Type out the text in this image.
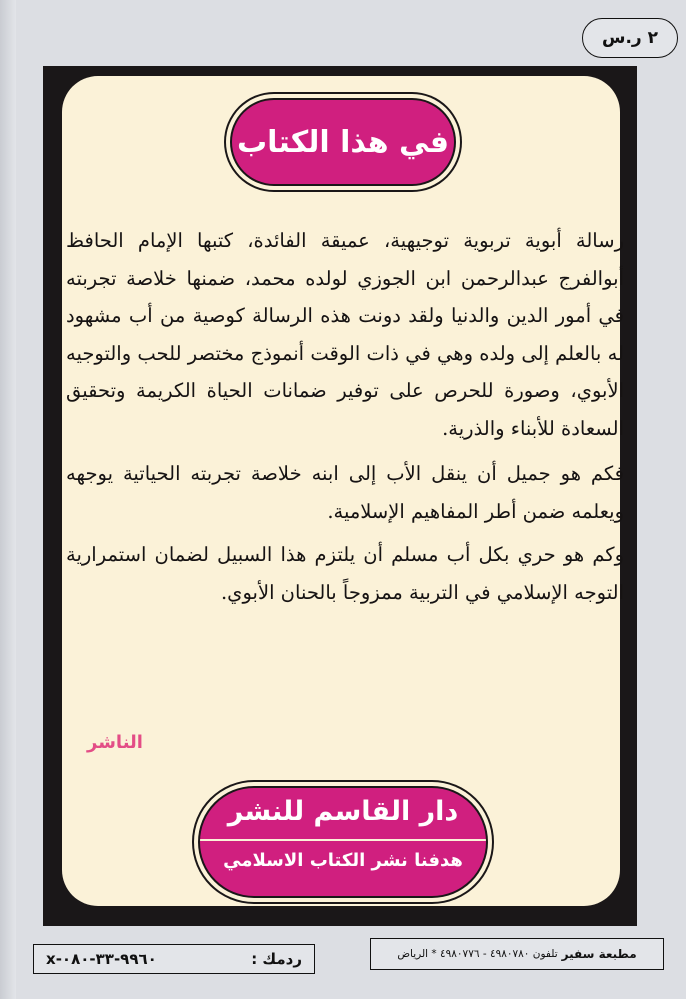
٢ ر.س
في هذا الكتاب

رسالة أبوية تربوية توجيهية، عميقة الفائدة، كتبها الإمام الحافظ أبوالفرج عبدالرحمن ابن الجوزي لولده محمد، ضمنها خلاصة تجربته في أمور الدين والدنيا ولقد دونت هذه الرسالة كوصية من أب مشهود له بالعلم إلى ولده وهي في ذات الوقت أنموذج مختصر للحب والتوجيه الأبوي، وصورة للحرص على توفير ضمانات الحياة الكريمة وتحقيق السعادة للأبناء والذرية.

فكم هو جميل أن ينقل الأب إلى ابنه خلاصة تجربته الحياتية يوجهه ويعلمه ضمن أطر المفاهيم الإسلامية.

وكم هو حري بكل أب مسلم أن يلتزم هذا السبيل لضمان استمرارية التوجه الإسلامي في التربية ممزوجاً بالحنان الأبوي.

الناشر
دار القاسم للنشر
هدفنا نشر الكتاب الاسلامي
مطبعة سفير
تلفون ٤٩٨٠٧٨٠ - ٤٩٨٠٧٧٦ * الرياض
ردمك :
٩٩٦٠-٣٣-٠٨٠-x
